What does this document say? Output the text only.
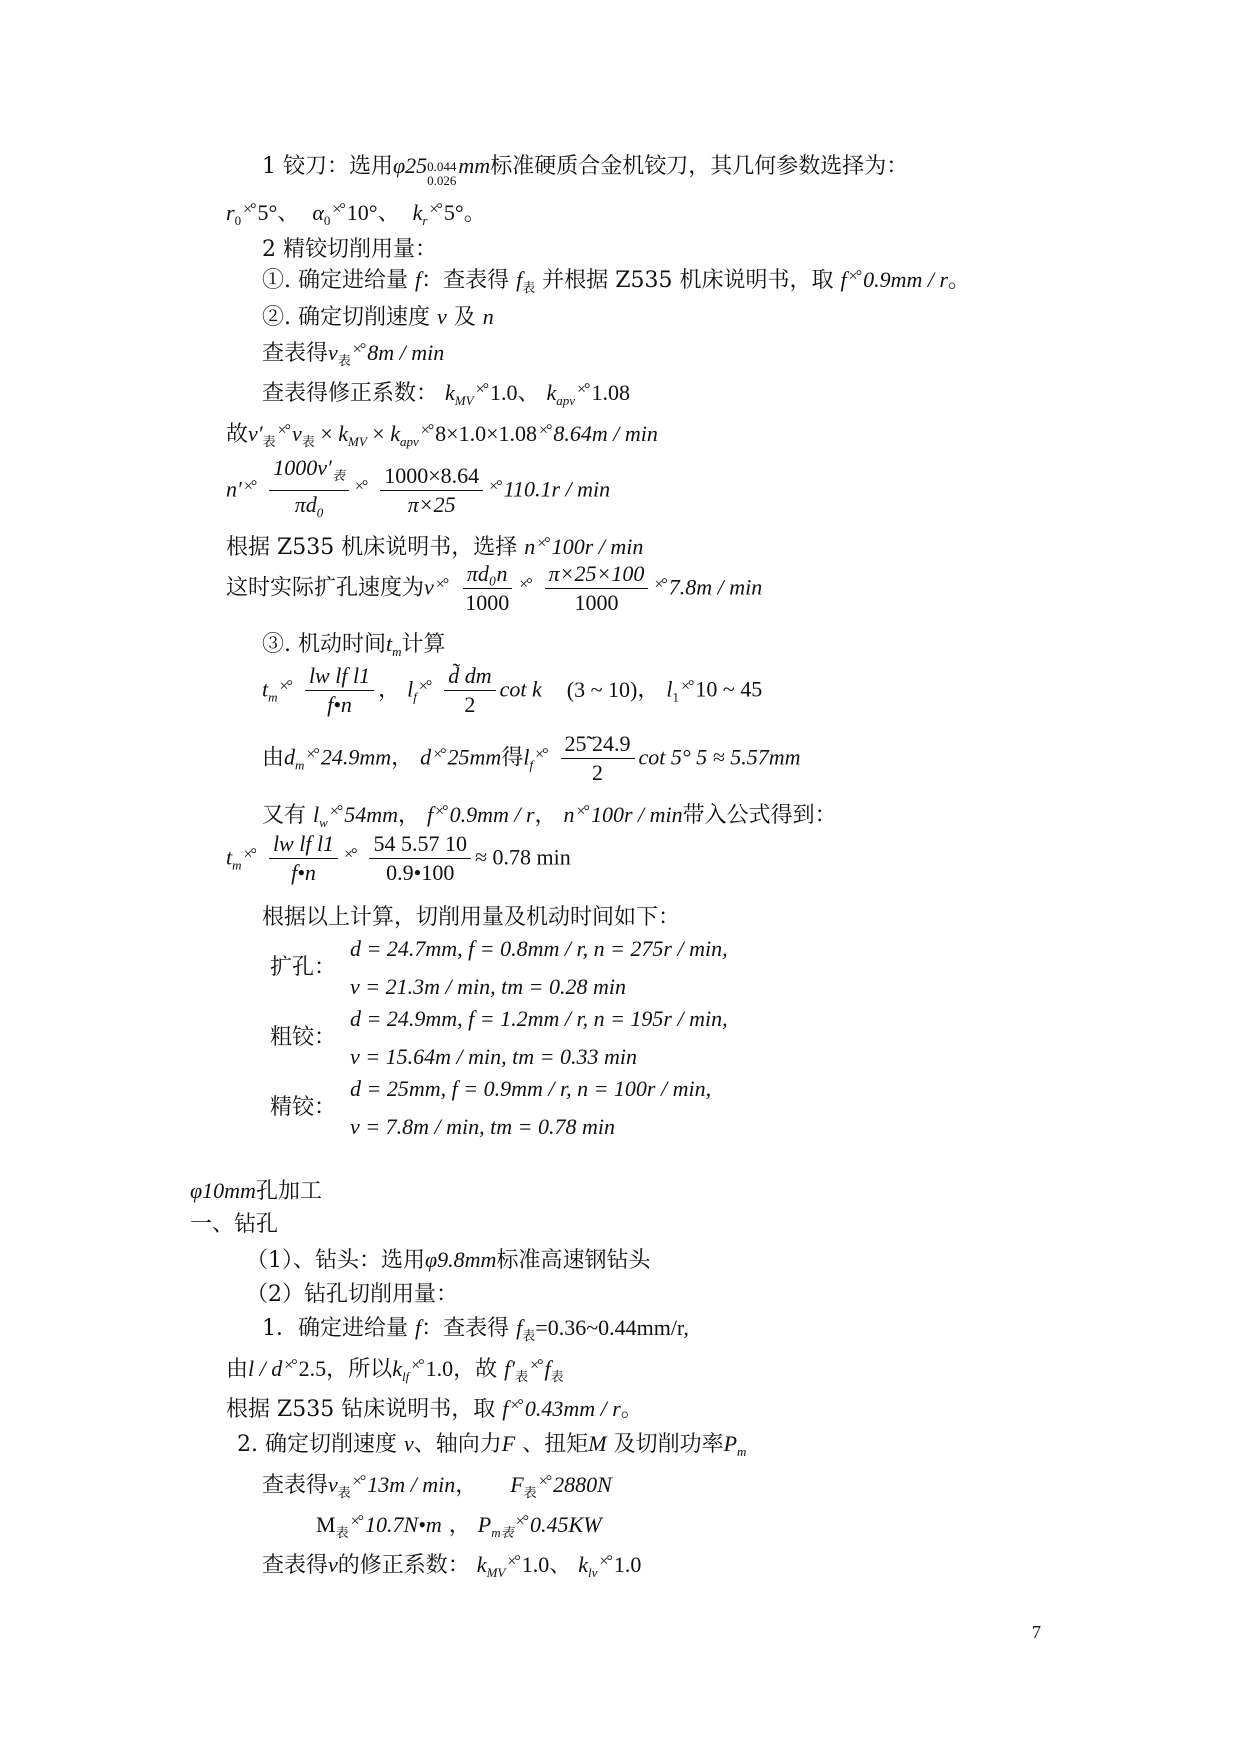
1 铰刀：选用φ25 0.044
0.026
mm标准硬质合金机铰刀，其几何参数选择为：
$r_0^{\times^\circ}$ 5°、 $\alpha_0^{\times^\circ}$ 10°、 $k_r^{\times^\circ}$ 5°。
2 精铰切削用量：
①. 确定进给量 f：查表得 $f_表$ 并根据 Z535 机床说明书，取 f ×° 0.9mm / r。
②. 确定切削速度 v 及 n
查表得$v_表^{\times^\circ}$ 8m / min
查表得修正系数： $k_{MV}^{\times^\circ}$ 1.0、 $k_{apv}^{\times^\circ}$ 1.08
故$v'_表^{\times^\circ}$ $v_表 \times k_{MV} \times k_{apv}^{\times^\circ}$ 8×1.0×1.08 ×° 8.64m / min
n′ $^{\times^\circ} \frac{1000v'_表}{\pi d_0} ^{\times^\circ} \frac{1000\times 8.64}{\pi\times 25} ^{\times^\circ}$ 110.1r / min
根据 Z535 机床说明书，选择 n ×° 100r / min
这时实际扩孔速度为v $^{\times^\circ} \frac{\text{πd₀n}}{1000} ^{\times^\circ} \frac{\pi\times 25\times 100}{1000} ^{\times^\circ}$ 7.8m / min
③. 机动时间$t_m$计算
$t_m^{\times^\circ} \frac{\text{lw lf l1}}{f•n}$ ， $l_f^{\times^\circ} \frac{d̃ dm}{2}$ cot k (3 ~ 10)， $l_1^{\times^\circ}$ 10 ~ 45
由$d_m^{\times^\circ}$ 24.9mm， d ×° 25mm得$l_f^{\times^\circ} \frac{25̃ 24.9}{2}$ cot 5° 5 ≈ 5.57mm
又有 $l_w^{\times^\circ}$ 54mm， f ×° 0.9mm / r， n ×° 100r / min带入公式得到：
$t_m^{\times^\circ} \frac{\text{lw lf l1}}{f•n} ^{\times^\circ} \frac{54 5.57 10}{0.9•100} \approx 0.78$ min
根据以上计算，切削用量及机动时间如下：
扩孔：
d = 24.7mm, f = 0.8mm / r, n = 275r / min,
v = 21.3m / min, tm = 0.28 min
粗铰：
d = 24.9mm, f = 1.2mm / r, n = 195r / min,
v = 15.64m / min, tm = 0.33 min
精铰：
d = 25mm, f = 0.9mm / r, n = 100r / min,
v = 7.8m / min, tm = 0.78 min
φ10mm孔加工
一、钻孔
（1）、钻头：选用φ9.8mm标准高速钢钻头
（2）钻孔切削用量：
1．确定进给量 f：查表得 $f_表=0.36\sim 0.44mm/r$,
由l / d ×° 2.5，所以$k_{lf}^{\times^\circ}$ 1.0，故 $f'_表^{\times^\circ}$ $f_表$
根据 Z535 钻床说明书，取 f ×° 0.43mm / r。
2. 确定切削速度 v、轴向力F 、扭矩M 及切削功率$P_m$
查表得$v_表^{\times^\circ}$ 13m / min， $F_表^{\times^\circ}$ 2880N
$M_表^{\times^\circ}$ 10.7N•m ， $P_{m表}^{\times^\circ}$ 0.45KW
查表得v的修正系数： $k_{MV}^{\times^\circ}$ 1.0、 $k_{lv}^{\times^\circ}$ 1.0
7
